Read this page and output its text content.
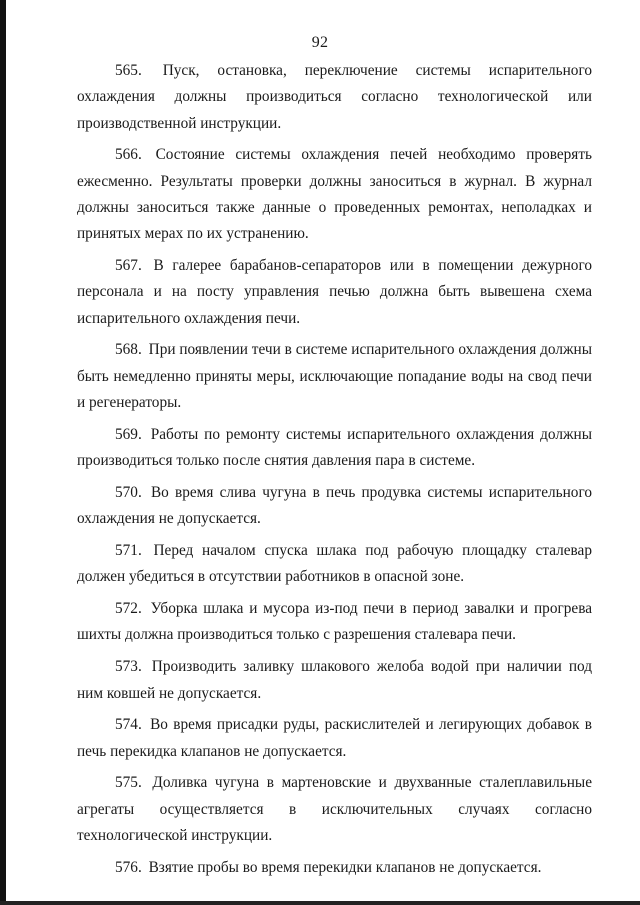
92

565. Пуск, остановка, переключение системы испарительного охлаждения должны производиться согласно технологической или производственной инструкции.

566. Состояние системы охлаждения печей необходимо проверять ежесменно. Результаты проверки должны заноситься в журнал. В журнал должны заноситься также данные о проведенных ремонтах, неполадках и принятых мерах по их устранению.

567. В галерее барабанов-сепараторов или в помещении дежурного персонала и на посту управления печью должна быть вывешена схема испарительного охлаждения печи.

568. При появлении течи в системе испарительного охлаждения должны быть немедленно приняты меры, исключающие попадание воды на свод печи и регенераторы.

569. Работы по ремонту системы испарительного охлаждения должны производиться только после снятия давления пара в системе.

570. Во время слива чугуна в печь продувка системы испарительного охлаждения не допускается.

571. Перед началом спуска шлака под рабочую площадку сталевар должен убедиться в отсутствии работников в опасной зоне.

572. Уборка шлака и мусора из-под печи в период завалки и прогрева шихты должна производиться только с разрешения сталевара печи.

573. Производить заливку шлакового желоба водой при наличии под ним ковшей не допускается.

574. Во время присадки руды, раскислителей и легирующих добавок в печь перекидка клапанов не допускается.

575. Доливка чугуна в мартеновские и двухванные сталеплавильные агрегаты осуществляется в исключительных случаях согласно технологической инструкции.

576. Взятие пробы во время перекидки клапанов не допускается.
